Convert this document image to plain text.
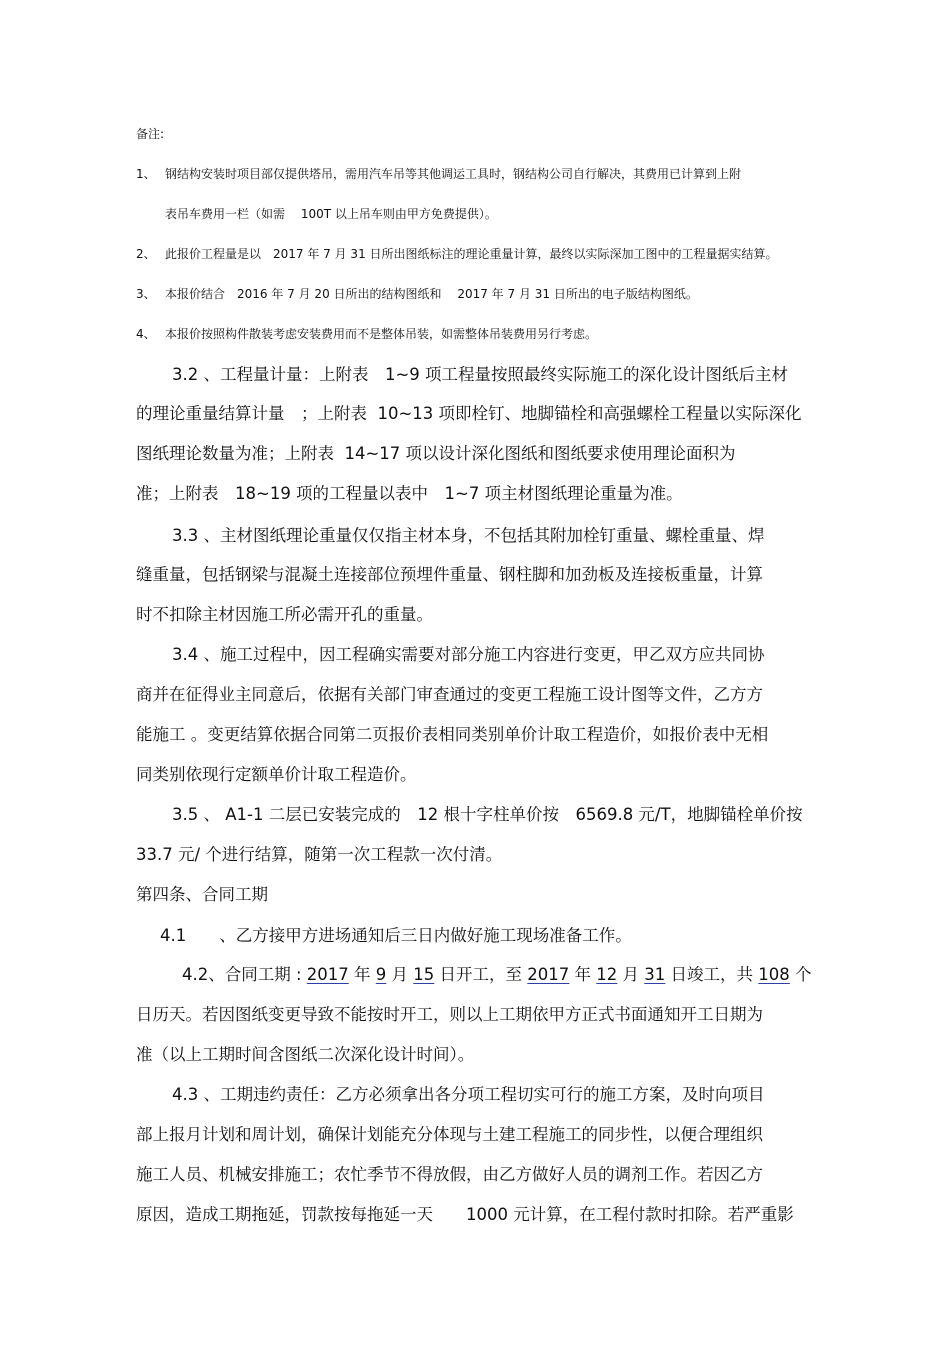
备注:
1、 钢结构安装时项目部仅提供塔吊，需用汽车吊等其他调运工具时，钢结构公司自行解决，其费用已计算到上附
表吊车费用一栏（如需　 100T 以上吊车则由甲方免费提供）。
2、 此报价工程量是以　2017 年 7 月 31 日所出图纸标注的理论重量计算，最终以实际深加工图中的工程量据实结算。
3、 本报价结合　2016 年 7 月 20 日所出的结构图纸和　 2017 年 7 月 31 日所出的电子版结构图纸。
4、 本报价按照构件散装考虑安装费用而不是整体吊装，如需整体吊装费用另行考虑。
3.2 、工程量计量：上附表　1~9 项工程量按照最终实际施工的深化设计图纸后主材
的理论重量结算计量　；上附表  10~13 项即栓钉、地脚锚栓和高强螺栓工程量以实际深化
图纸理论数量为准；上附表  14~17 项以设计深化图纸和图纸要求使用理论面积为
准；上附表　18~19 项的工程量以表中　1~7 项主材图纸理论重量为准。
3.3 、主材图纸理论重量仅仅指主材本身，不包括其附加栓钉重量、螺栓重量、焊
缝重量，包括钢梁与混凝土连接部位预埋件重量、钢柱脚和加劲板及连接板重量，计算
时不扣除主材因施工所必需开孔的重量。
3.4 、施工过程中，因工程确实需要对部分施工内容进行变更，甲乙双方应共同协
商并在征得业主同意后，依据有关部门审查通过的变更工程施工设计图等文件，乙方方
能施工 。变更结算依据合同第二页报价表相同类别单价计取工程造价，如报价表中无相
同类别依现行定额单价计取工程造价。
3.5 、 A1-1 二层已安装完成的　12 根十字柱单价按　6569.8 元/T，地脚锚栓单价按
33.7 元/ 个进行结算，随第一次工程款一次付清。
第四条、合同工期
4.1　　、乙方接甲方进场通知后三日内做好施工现场准备工作。
4.2、合同工期 : 2017 年 9 月 15 日开工，至 2017 年 12 月 31 日竣工，共 108 个
日历天。若因图纸变更导致不能按时开工，则以上工期依甲方正式书面通知开工日期为
准（以上工期时间含图纸二次深化设计时间）。
4.3 、工期违约责任：乙方必须拿出各分项工程切实可行的施工方案，及时向项目
部上报月计划和周计划，确保计划能充分体现与土建工程施工的同步性，以便合理组织
施工人员、机械安排施工；农忙季节不得放假，由乙方做好人员的调剂工作。若因乙方
原因，造成工期拖延，罚款按每拖延一天　　1000 元计算，在工程付款时扣除。若严重影
